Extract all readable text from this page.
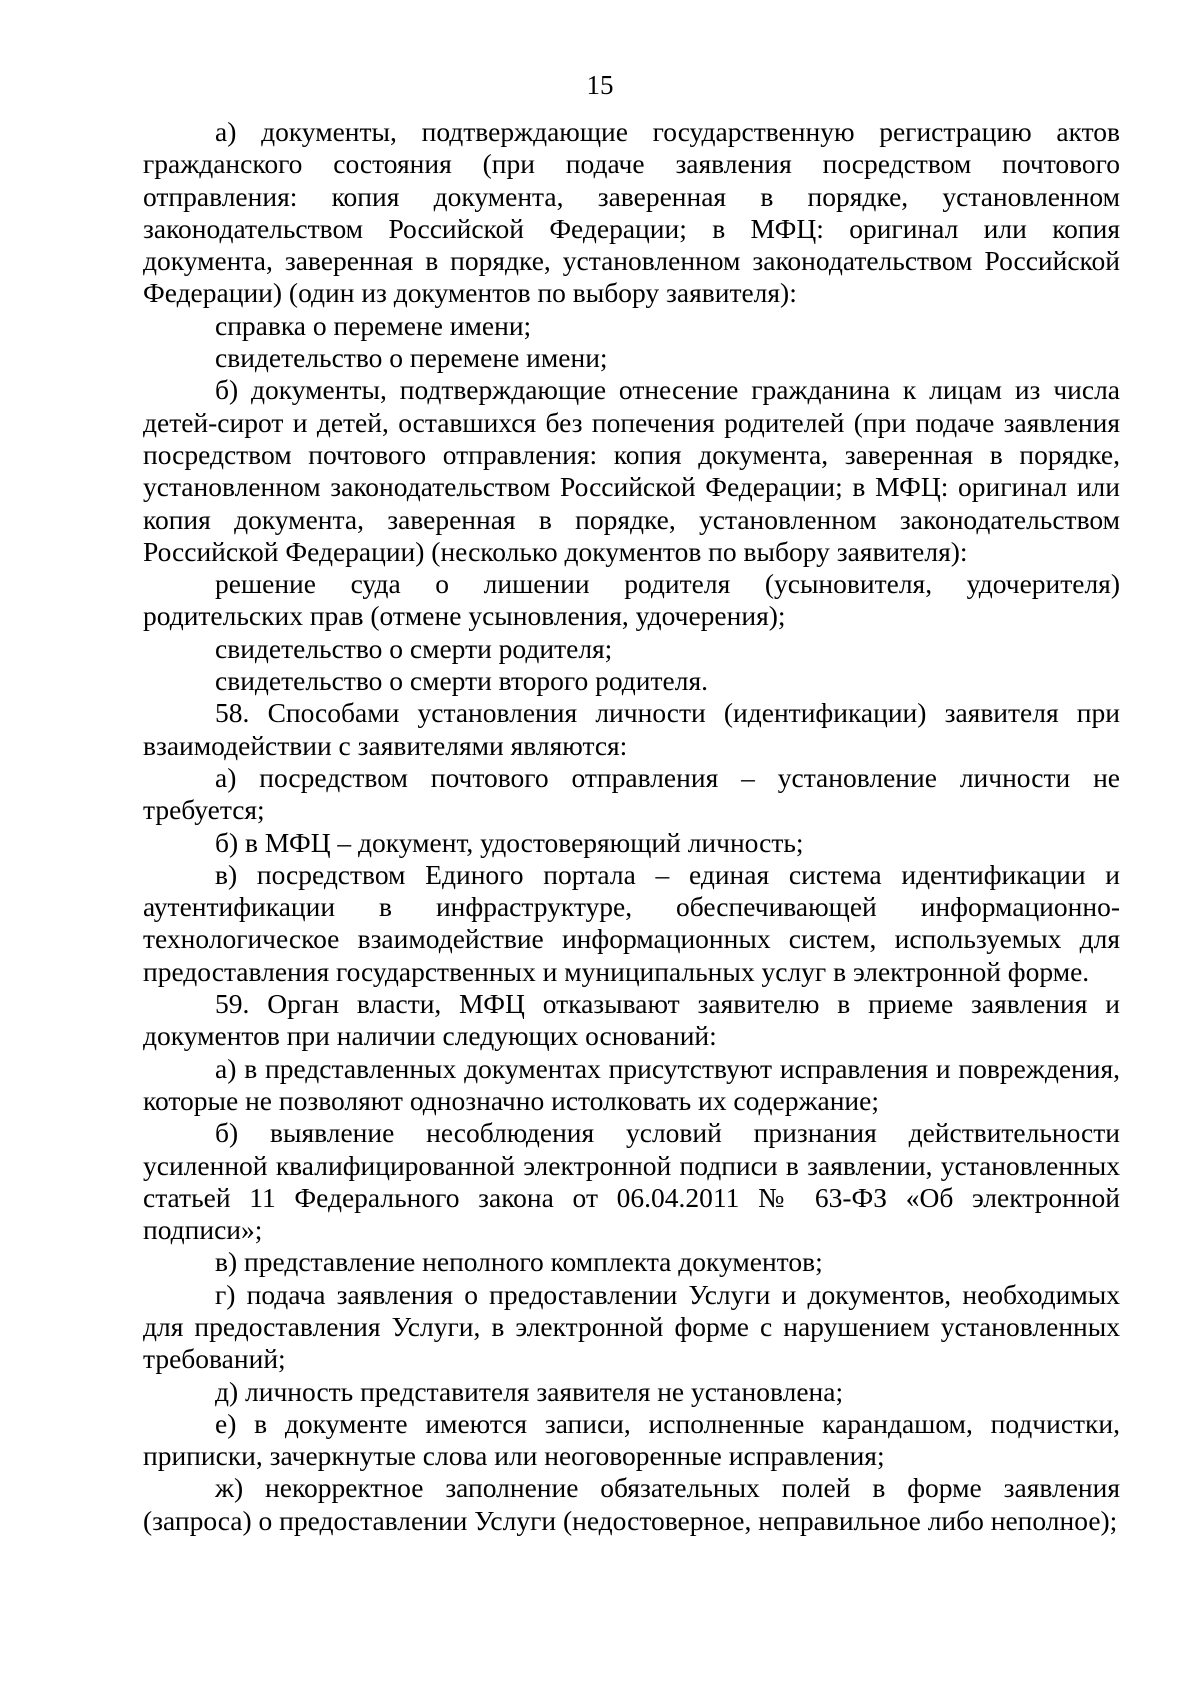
15

а) документы, подтверждающие государственную регистрацию актов гражданского состояния (при подаче заявления посредством почтового отправления: копия документа, заверенная в порядке, установленном законодательством Российской Федерации; в МФЦ: оригинал или копия документа, заверенная в порядке, установленном законодательством Российской Федерации) (один из документов по выбору заявителя):

справка о перемене имени;

свидетельство о перемене имени;

б) документы, подтверждающие отнесение гражданина к лицам из числа детей-сирот и детей, оставшихся без попечения родителей (при подаче заявления посредством почтового отправления: копия документа, заверенная в порядке, установленном законодательством Российской Федерации; в МФЦ: оригинал или копия документа, заверенная в порядке, установленном законодательством Российской Федерации) (несколько документов по выбору заявителя):

решение суда о лишении родителя (усыновителя, удочерителя) родительских прав (отмене усыновления, удочерения);

свидетельство о смерти родителя;

свидетельство о смерти второго родителя.

58. Способами установления личности (идентификации) заявителя при взаимодействии с заявителями являются:

а) посредством почтового отправления – установление личности не требуется;

б) в МФЦ – документ, удостоверяющий личность;

в) посредством Единого портала – единая система идентификации и аутентификации в инфраструктуре, обеспечивающей информационно-технологическое взаимодействие информационных систем, используемых для предоставления государственных и муниципальных услуг в электронной форме.

59. Орган власти, МФЦ отказывают заявителю в приеме заявления и документов при наличии следующих оснований:

а) в представленных документах присутствуют исправления и повреждения, которые не позволяют однозначно истолковать их содержание;

б) выявление несоблюдения условий признания действительности усиленной квалифицированной электронной подписи в заявлении, установленных статьей 11 Федерального закона от 06.04.2011 № 63-ФЗ «Об электронной подписи»;

в) представление неполного комплекта документов;

г) подача заявления о предоставлении Услуги и документов, необходимых для предоставления Услуги, в электронной форме с нарушением установленных требований;

д) личность представителя заявителя не установлена;

е) в документе имеются записи, исполненные карандашом, подчистки, приписки, зачеркнутые слова или неоговоренные исправления;

ж) некорректное заполнение обязательных полей в форме заявления (запроса) о предоставлении Услуги (недостоверное, неправильное либо неполное);
